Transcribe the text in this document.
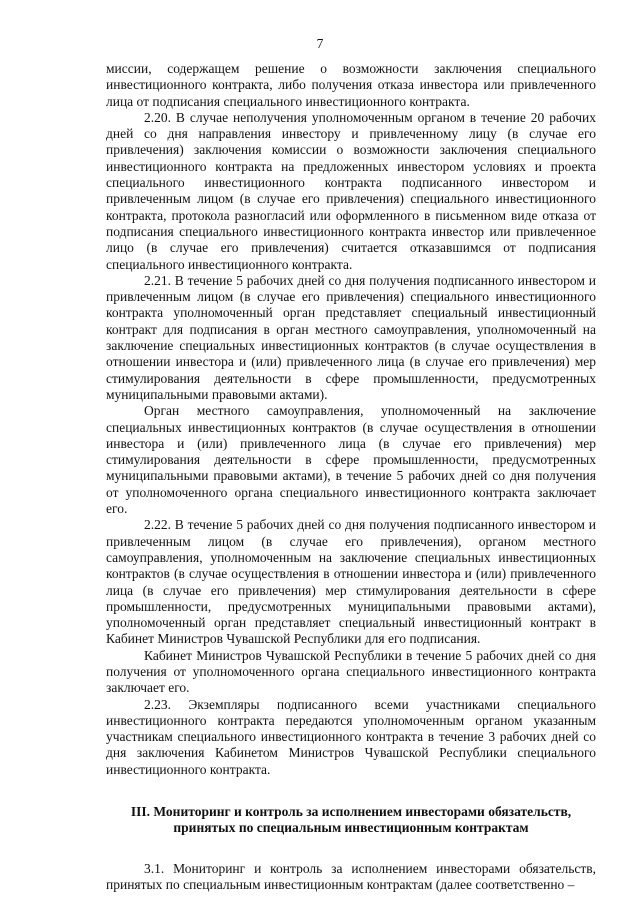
7

миссии, содержащем решение о возможности заключения специального инвестиционного контракта, либо получения отказа инвестора или привлеченного лица от подписания специального инвестиционного контракта.

2.20. В случае неполучения уполномоченным органом в течение 20 рабочих дней со дня направления инвестору и привлеченному лицу (в случае его привлечения) заключения комиссии о возможности заключения специального инвестиционного контракта на предложенных инвестором условиях и проекта специального инвестиционного контракта подписанного инвестором и привлеченным лицом (в случае его привлечения) специального инвестиционного контракта, протокола разногласий или оформленного в письменном виде отказа от подписания специального инвестиционного контракта инвестор или привлеченное лицо (в случае его привлечения) считается отказавшимся от подписания специального инвестиционного контракта.

2.21. В течение 5 рабочих дней со дня получения подписанного инвестором и привлеченным лицом (в случае его привлечения) специального инвестиционного контракта уполномоченный орган представляет специальный инвестиционный контракт для подписания в орган местного самоуправления, уполномоченный на заключение специальных инвестиционных контрактов (в случае осуществления в отношении инвестора и (или) привлеченного лица (в случае его привлечения) мер стимулирования деятельности в сфере промышленности, предусмотренных муниципальными правовыми актами).

Орган местного самоуправления, уполномоченный на заключение специальных инвестиционных контрактов (в случае осуществления в отношении инвестора и (или) привлеченного лица (в случае его привлечения) мер стимулирования деятельности в сфере промышленности, предусмотренных муниципальными правовыми актами), в течение 5 рабочих дней со дня получения от уполномоченного органа специального инвестиционного контракта заключает его.

2.22. В течение 5 рабочих дней со дня получения подписанного инвестором и привлеченным лицом (в случае его привлечения), органом местного самоуправления, уполномоченным на заключение специальных инвестиционных контрактов (в случае осуществления в отношении инвестора и (или) привлеченного лица (в случае его привлечения) мер стимулирования деятельности в сфере промышленности, предусмотренных муниципальными правовыми актами), уполномоченный орган представляет специальный инвестиционный контракт в Кабинет Министров Чувашской Республики для его подписания.

Кабинет Министров Чувашской Республики в течение 5 рабочих дней со дня получения от уполномоченного органа специального инвестиционного контракта заключает его.

2.23. Экземпляры подписанного всеми участниками специального инвестиционного контракта передаются уполномоченным органом указанным участникам специального инвестиционного контракта в течение 3 рабочих дней со дня заключения Кабинетом Министров Чувашской Республики специального инвестиционного контракта.

III. Мониторинг и контроль за исполнением инвесторами обязательств,
принятых по специальным инвестиционным контрактам

3.1. Мониторинг и контроль за исполнением инвесторами обязательств, принятых по специальным инвестиционным контрактам (далее соответственно –
